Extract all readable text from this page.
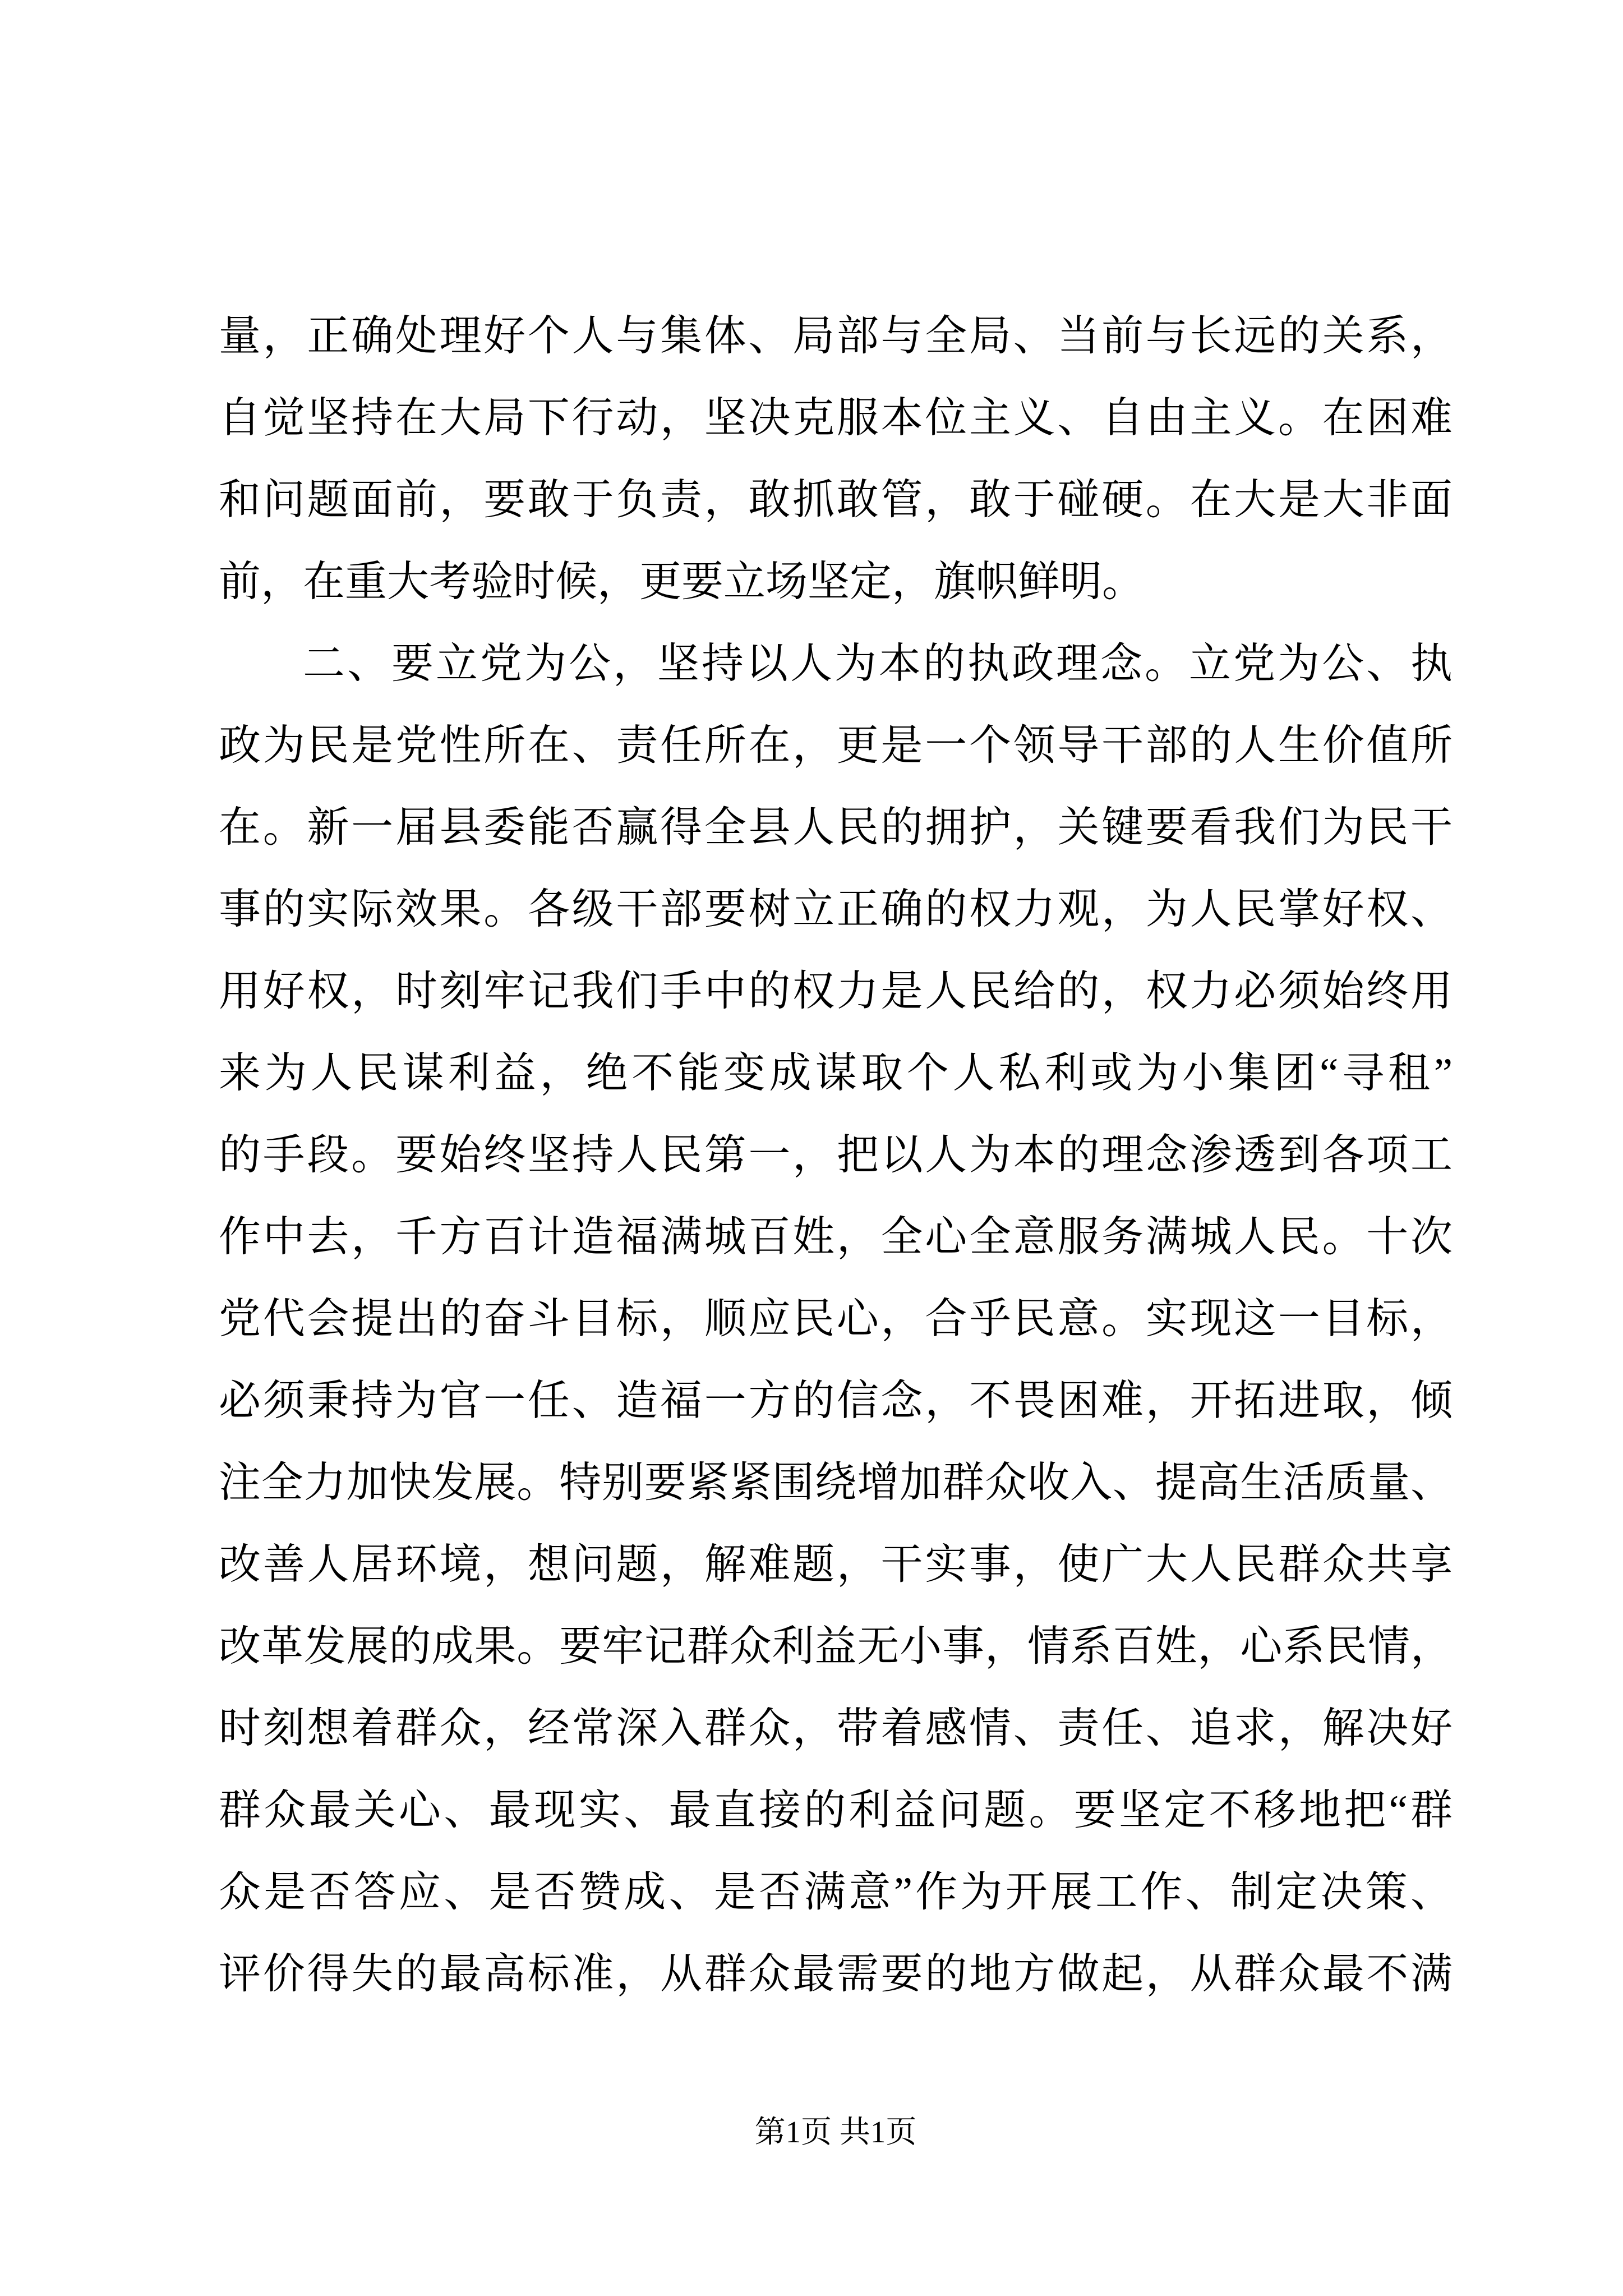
量，正确处理好个人与集体、局部与全局、当前与长远的关系，
自觉坚持在大局下行动，坚决克服本位主义、自由主义。在困难
和问题面前，要敢于负责，敢抓敢管，敢于碰硬。在大是大非面
前，在重大考验时候，更要立场坚定，旗帜鲜明。
二、要立党为公，坚持以人为本的执政理念。立党为公、执
政为民是党性所在、责任所在，更是一个领导干部的人生价值所
在。新一届县委能否赢得全县人民的拥护，关键要看我们为民干
事的实际效果。各级干部要树立正确的权力观，为人民掌好权、
用好权，时刻牢记我们手中的权力是人民给的，权力必须始终用
来为人民谋利益，绝不能变成谋取个人私利或为小集团“寻租”
的手段。要始终坚持人民第一，把以人为本的理念渗透到各项工
作中去，千方百计造福满城百姓，全心全意服务满城人民。十次
党代会提出的奋斗目标，顺应民心，合乎民意。实现这一目标，
必须秉持为官一任、造福一方的信念，不畏困难，开拓进取，倾
注全力加快发展。特别要紧紧围绕增加群众收入、提高生活质量、
改善人居环境，想问题，解难题，干实事，使广大人民群众共享
改革发展的成果。要牢记群众利益无小事，情系百姓，心系民情，
时刻想着群众，经常深入群众，带着感情、责任、追求，解决好
群众最关心、最现实、最直接的利益问题。要坚定不移地把“群
众是否答应、是否赞成、是否满意”作为开展工作、制定决策、
评价得失的最高标准，从群众最需要的地方做起，从群众最不满
第1页 共1页
